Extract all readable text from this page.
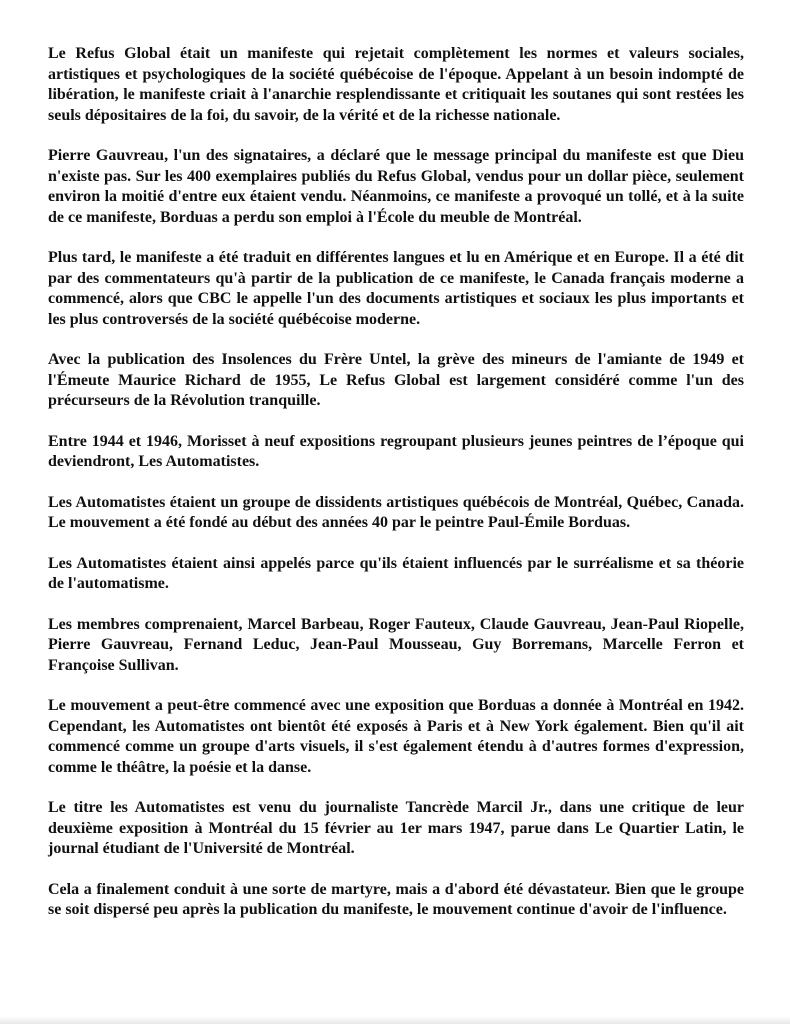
Le Refus Global était un manifeste qui rejetait complètement les normes et valeurs sociales, artistiques et psychologiques de la société québécoise de l'époque. Appelant à un besoin indompté de libération, le manifeste criait à l'anarchie resplendissante et critiquait les soutanes qui sont restées les seuls dépositaires de la foi, du savoir, de la vérité et de la richesse nationale.

Pierre Gauvreau, l'un des signataires, a déclaré que le message principal du manifeste est que Dieu n'existe pas. Sur les 400 exemplaires publiés du Refus Global, vendus pour un dollar pièce, seulement environ la moitié d'entre eux étaient vendu. Néanmoins, ce manifeste a provoqué un tollé, et à la suite de ce manifeste, Borduas a perdu son emploi à l'École du meuble de Montréal.

Plus tard, le manifeste a été traduit en différentes langues et lu en Amérique et en Europe. Il a été dit par des commentateurs qu'à partir de la publication de ce manifeste, le Canada français moderne a commencé, alors que CBC le appelle l'un des documents artistiques et sociaux les plus importants et les plus controversés de la société québécoise moderne.

Avec la publication des Insolences du Frère Untel, la grève des mineurs de l'amiante de 1949 et l'Émeute Maurice Richard de 1955, Le Refus Global est largement considéré comme l'un des précurseurs de la Révolution tranquille.

Entre 1944 et 1946, Morisset à neuf expositions regroupant plusieurs jeunes peintres de l’époque qui deviendront, Les Automatistes.

Les Automatistes étaient un groupe de dissidents artistiques québécois de Montréal, Québec, Canada. Le mouvement a été fondé au début des années 40 par le peintre Paul-Émile Borduas.

Les Automatistes étaient ainsi appelés parce qu'ils étaient influencés par le surréalisme et sa théorie de l'automatisme.

Les membres comprenaient, Marcel Barbeau, Roger Fauteux, Claude Gauvreau, Jean-Paul Riopelle, Pierre Gauvreau, Fernand Leduc, Jean-Paul Mousseau, Guy Borremans, Marcelle Ferron et Françoise Sullivan.

Le mouvement a peut-être commencé avec une exposition que Borduas a donnée à Montréal en 1942. Cependant, les Automatistes ont bientôt été exposés à Paris et à New York également. Bien qu'il ait commencé comme un groupe d'arts visuels, il s'est également étendu à d'autres formes d'expression, comme le théâtre, la poésie et la danse.

Le titre les Automatistes est venu du journaliste Tancrède Marcil Jr., dans une critique de leur deuxième exposition à Montréal du 15 février au 1er mars 1947, parue dans Le Quartier Latin, le journal étudiant de l'Université de Montréal.

Cela a finalement conduit à une sorte de martyre, mais a d'abord été dévastateur. Bien que le groupe se soit dispersé peu après la publication du manifeste, le mouvement continue d'avoir de l'influence.
